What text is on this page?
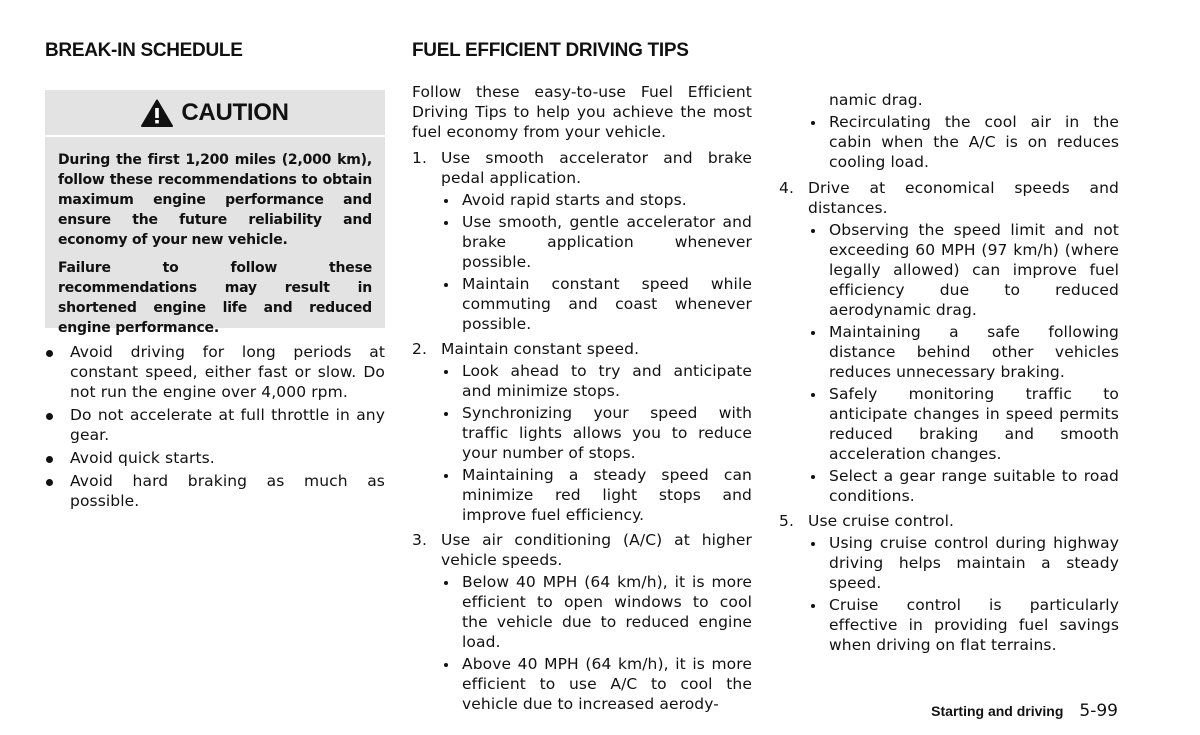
BREAK-IN SCHEDULE
CAUTION

During the first 1,200 miles (2,000 km), follow these recommendations to obtain maximum engine performance and ensure the future reliability and economy of your new vehicle.

Failure to follow these recommendations may result in shortened engine life and reduced engine performance.

Avoid driving for long periods at constant speed, either fast or slow. Do not run the engine over 4,000 rpm.
Do not accelerate at full throttle in any gear.
Avoid quick starts.
Avoid hard braking as much as possible.
FUEL EFFICIENT DRIVING TIPS

Follow these easy-to-use Fuel Efficient Driving Tips to help you achieve the most fuel economy from your vehicle.

1. Use smooth accelerator and brake pedal application.
Avoid rapid starts and stops.
Use smooth, gentle accelerator and brake application whenever possible.
Maintain constant speed while commuting and coast whenever possible.
2. Maintain constant speed.
Look ahead to try and anticipate and minimize stops.
Synchronizing your speed with traffic lights allows you to reduce your number of stops.
Maintaining a steady speed can minimize red light stops and improve fuel efficiency.
3. Use air conditioning (A/C) at higher vehicle speeds.
Below 40 MPH (64 km/h), it is more efficient to open windows to cool the vehicle due to reduced engine load.
Above 40 MPH (64 km/h), it is more efficient to use A/C to cool the vehicle due to increased aerody-
namic drag.
Recirculating the cool air in the cabin when the A/C is on reduces cooling load.
4. Drive at economical speeds and distances.
Observing the speed limit and not exceeding 60 MPH (97 km/h) (where legally allowed) can improve fuel efficiency due to reduced aerodynamic drag.
Maintaining a safe following distance behind other vehicles reduces unnecessary braking.
Safely monitoring traffic to anticipate changes in speed permits reduced braking and smooth acceleration changes.
Select a gear range suitable to road conditions.
5. Use cruise control.
Using cruise control during highway driving helps maintain a steady speed.
Cruise control is particularly effective in providing fuel savings when driving on flat terrains.
Starting and driving 5-99
